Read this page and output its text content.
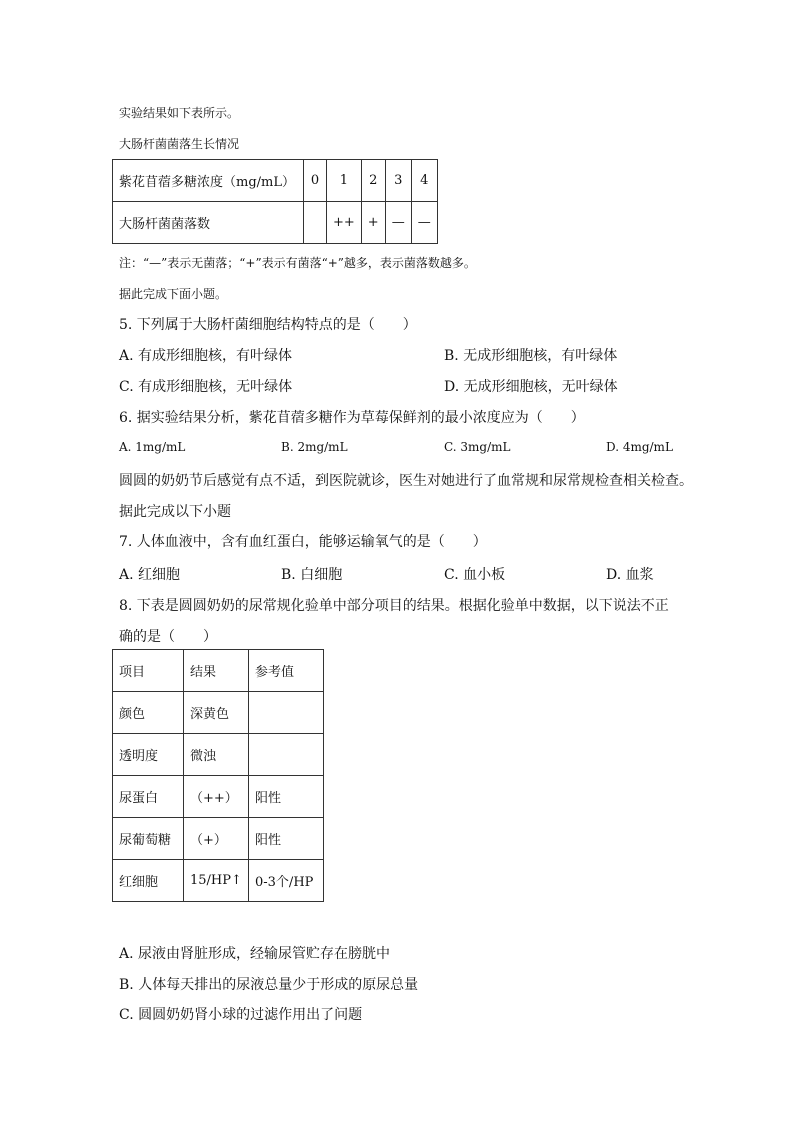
实验结果如下表所示。
大肠杆菌菌落生长情况
紫花苜蓿多糖浓度（mg/mL）	0	1	2	3	4
大肠杆菌菌落数		++	+	—	—
注：“—”表示无菌落；“+”表示有菌落“+”越多，表示菌落数越多。
据此完成下面小题。
5. 下列属于大肠杆菌细胞结构特点的是（　　）
A. 有成形细胞核，有叶绿体	B. 无成形细胞核，有叶绿体
C. 有成形细胞核，无叶绿体	D. 无成形细胞核，无叶绿体
6. 据实验结果分析，紫花苜蓿多糖作为草莓保鲜剂的最小浓度应为（　　）
A. 1mg/mL	B. 2mg/mL	C. 3mg/mL	D. 4mg/mL
圆圆的奶奶节后感觉有点不适，到医院就诊，医生对她进行了血常规和尿常规检查相关检查。
据此完成以下小题
7. 人体血液中，含有血红蛋白，能够运输氧气的是（　　）
A. 红细胞	B. 白细胞	C. 血小板	D. 血浆
8. 下表是圆圆奶奶的尿常规化验单中部分项目的结果。根据化验单中数据，以下说法不正
确的是（　　）
项目	结果	参考值
颜色	深黄色	
透明度	微浊	
尿蛋白	（++）	阳性
尿葡萄糖	（+）	阳性
红细胞	15/HP↑	0-3个/HP
A. 尿液由肾脏形成，经输尿管贮存在膀胱中
B. 人体每天排出的尿液总量少于形成的原尿总量
C. 圆圆奶奶肾小球的过滤作用出了问题
